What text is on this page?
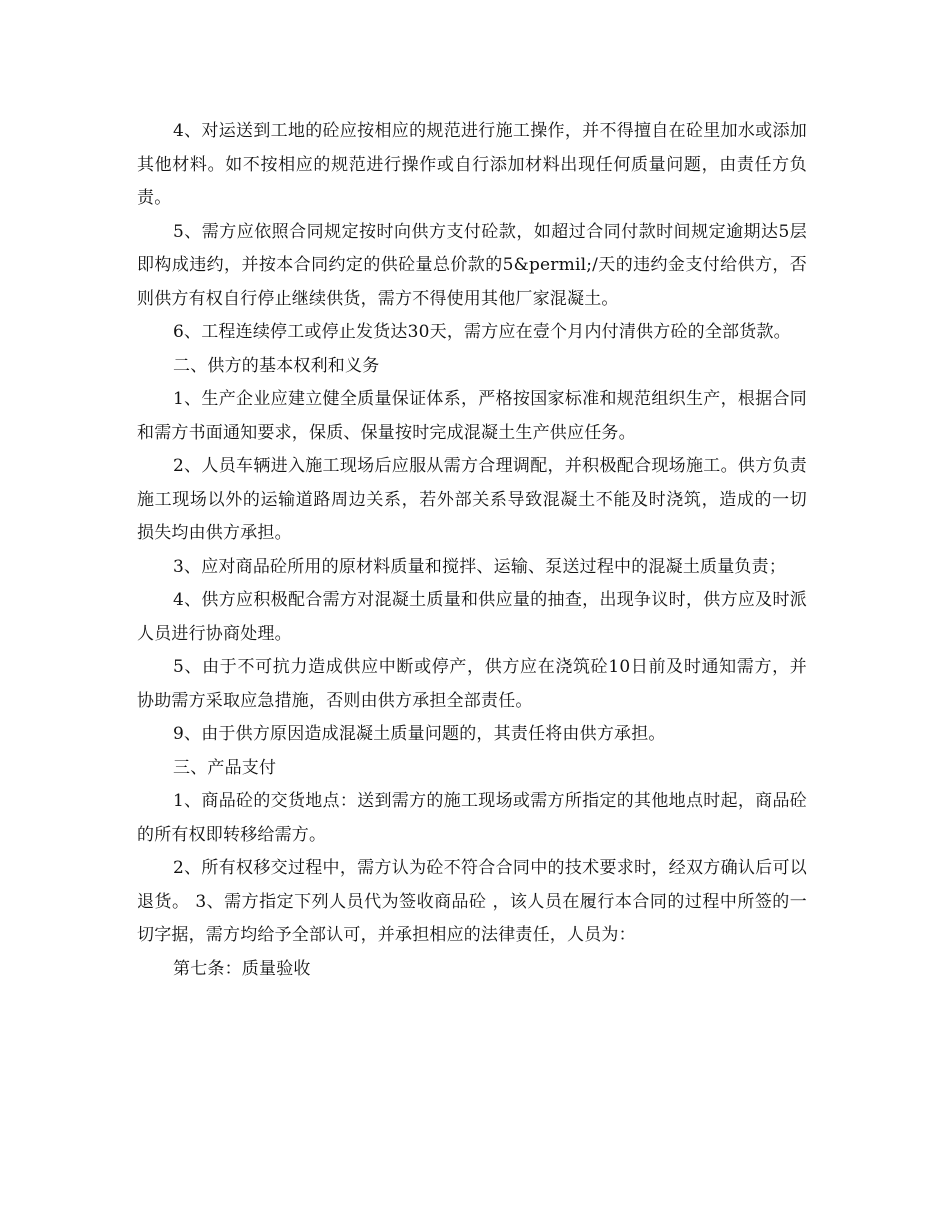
4、对运送到工地的砼应按相应的规范进行施工操作，并不得擅自在砼里加水或添加其他材料。如不按相应的规范进行操作或自行添加材料出现任何质量问题，由责任方负责。

5、需方应依照合同规定按时向供方支付砼款，如超过合同付款时间规定逾期达5层即构成违约，并按本合同约定的供砼量总价款的5&permil;/天的违约金支付给供方，否则供方有权自行停止继续供货，需方不得使用其他厂家混凝土。

6、工程连续停工或停止发货达30天，需方应在壹个月内付清供方砼的全部货款。

二、供方的基本权利和义务

1、生产企业应建立健全质量保证体系，严格按国家标准和规范组织生产，根据合同和需方书面通知要求，保质、保量按时完成混凝土生产供应任务。

2、人员车辆进入施工现场后应服从需方合理调配，并积极配合现场施工。供方负责施工现场以外的运输道路周边关系，若外部关系导致混凝土不能及时浇筑，造成的一切损失均由供方承担。

3、应对商品砼所用的原材料质量和搅拌、运输、泵送过程中的混凝土质量负责；

4、供方应积极配合需方对混凝土质量和供应量的抽查，出现争议时，供方应及时派人员进行协商处理。

5、由于不可抗力造成供应中断或停产，供方应在浇筑砼10日前及时通知需方，并协助需方采取应急措施，否则由供方承担全部责任。

9、由于供方原因造成混凝土质量问题的，其责任将由供方承担。

三、产品支付

1、商品砼的交货地点：送到需方的施工现场或需方所指定的其他地点时起，商品砼的所有权即转移给需方。

2、所有权移交过程中，需方认为砼不符合合同中的技术要求时，经双方确认后可以退货。 3、需方指定下列人员代为签收商品砼 ，该人员在履行本合同的过程中所签的一切字据，需方均给予全部认可，并承担相应的法律责任，人员为：

第七条：质量验收
